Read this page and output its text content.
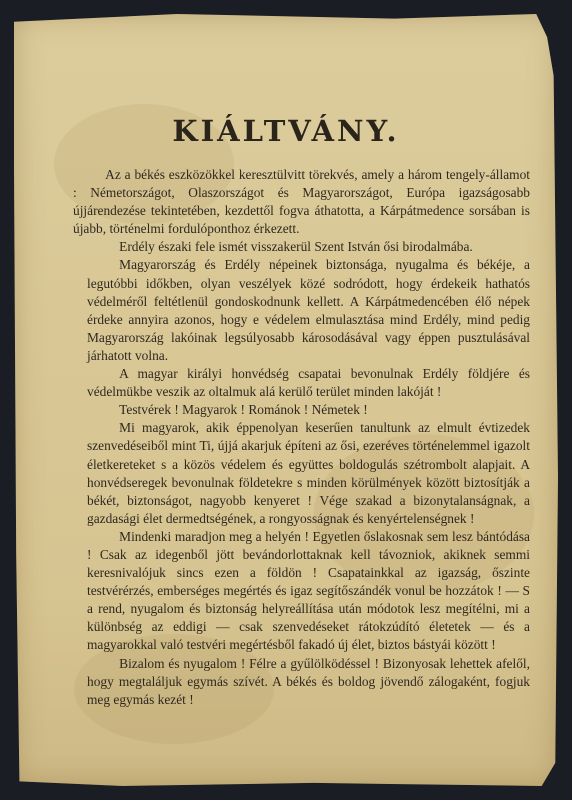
KIÁLTVÁNY.

Az a békés eszközökkel keresztülvitt törekvés, amely a három tengely-államot : Németországot, Olaszországot és Magyarországot, Európa igazságosabb újjárendezése tekintetében, kezdettől fogva áthatotta, a Kárpátmedence sorsában is újabb, történelmi fordulóponthoz érkezett.

Erdély északi fele ismét visszakerül Szent István ősi birodalmába.

Magyarország és Erdély népeinek biztonsága, nyugalma és békéje, a legutóbbi időkben, olyan veszélyek közé sodródott, hogy érdekeik hathatós védelméről feltétlenül gondoskodnunk kellett. A Kárpátmedencében élő népek érdeke annyira azonos, hogy e védelem elmulasztása mind Erdély, mind pedig Magyarország lakóinak legsúlyosabb károsodásával vagy éppen pusztulásával járhatott volna.

A magyar királyi honvédség csapatai bevonulnak Erdély földjére és védelmükbe veszik az oltalmuk alá kerülő terület minden lakóját !

Testvérek ! Magyarok ! Románok ! Németek !

Mi magyarok, akik éppenolyan keserűen tanultunk az elmult évtizedek szenvedéseiből mint Ti, újjá akarjuk építeni az ősi, ezeréves történelemmel igazolt életkereteket s a közös védelem és együttes boldogulás szétrombolt alapjait. A honvédseregek bevonulnak földetekre s minden körülmények között biztosítják a békét, biztonságot, nagyobb kenyeret ! Vége szakad a bizonytalanságnak, a gazdasági élet dermedtségének, a rongyosságnak és kenyértelenségnek !

Mindenki maradjon meg a helyén ! Egyetlen őslakosnak sem lesz bántódása ! Csak az idegenből jött bevándorlottaknak kell távozniok, akiknek semmi keresnivalójuk sincs ezen a földön ! Csapatainkkal az igazság, őszinte testvérérzés, emberséges megértés és igaz segítőszándék vonul be hozzátok ! — S a rend, nyugalom és biztonság helyreállítása után módotok lesz megítélni, mi a különbség az eddigi — csak szenvedéseket rátokzúdító életetek — és a magyarokkal való testvéri megértésből fakadó új élet, biztos bástyái között !

Bizalom és nyugalom ! Félre a gyűlölködéssel ! Bizonyosak lehettek afelől, hogy megtaláljuk egymás szívét. A békés és boldog jövendő zálogaként, fogjuk meg egymás kezét !
